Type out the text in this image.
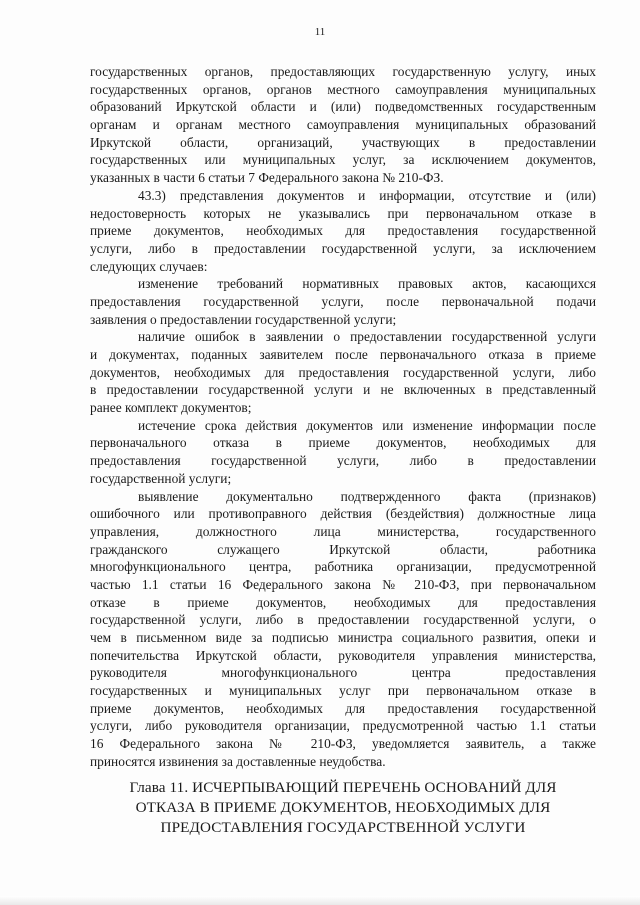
11
государственных органов, предоставляющих государственную услугу, иных
государственных органов, органов местного самоуправления муниципальных
образований Иркутской области и (или) подведомственных государственным
органам и органам местного самоуправления муниципальных образований
Иркутской области, организаций, участвующих в предоставлении
государственных или муниципальных услуг, за исключением документов,
указанных в части 6 статьи 7 Федерального закона № 210-ФЗ.
43.3) представления документов и информации, отсутствие и (или)
недостоверность которых не указывались при первоначальном отказе в
приеме документов, необходимых для предоставления государственной
услуги, либо в предоставлении государственной услуги, за исключением
следующих случаев:
изменение требований нормативных правовых актов, касающихся
предоставления государственной услуги, после первоначальной подачи
заявления о предоставлении государственной услуги;
наличие ошибок в заявлении о предоставлении государственной услуги
и документах, поданных заявителем после первоначального отказа в приеме
документов, необходимых для предоставления государственной услуги, либо
в предоставлении государственной услуги и не включенных в представленный
ранее комплект документов;
истечение срока действия документов или изменение информации после
первоначального отказа в приеме документов, необходимых для
предоставления государственной услуги, либо в предоставлении
государственной услуги;
выявление документально подтвержденного факта (признаков)
ошибочного или противоправного действия (бездействия) должностные лица
управления, должностного лица министерства, государственного
гражданского служащего Иркутской области, работника
многофункционального центра, работника организации, предусмотренной
частью 1.1 статьи 16 Федерального закона № 210-ФЗ, при первоначальном
отказе в приеме документов, необходимых для предоставления
государственной услуги, либо в предоставлении государственной услуги, о
чем в письменном виде за подписью министра социального развития, опеки и
попечительства Иркутской области, руководителя управления министерства,
руководителя многофункционального центра предоставления
государственных и муниципальных услуг при первоначальном отказе в
приеме документов, необходимых для предоставления государственной
услуги, либо руководителя организации, предусмотренной частью 1.1 статьи
16 Федерального закона № 210-ФЗ, уведомляется заявитель, а также
приносятся извинения за доставленные неудобства.
Глава 11. ИСЧЕРПЫВАЮЩИЙ ПЕРЕЧЕНЬ ОСНОВАНИЙ ДЛЯ
ОТКАЗА В ПРИЕМЕ ДОКУМЕНТОВ, НЕОБХОДИМЫХ ДЛЯ
ПРЕДОСТАВЛЕНИЯ ГОСУДАРСТВЕННОЙ УСЛУГИ
